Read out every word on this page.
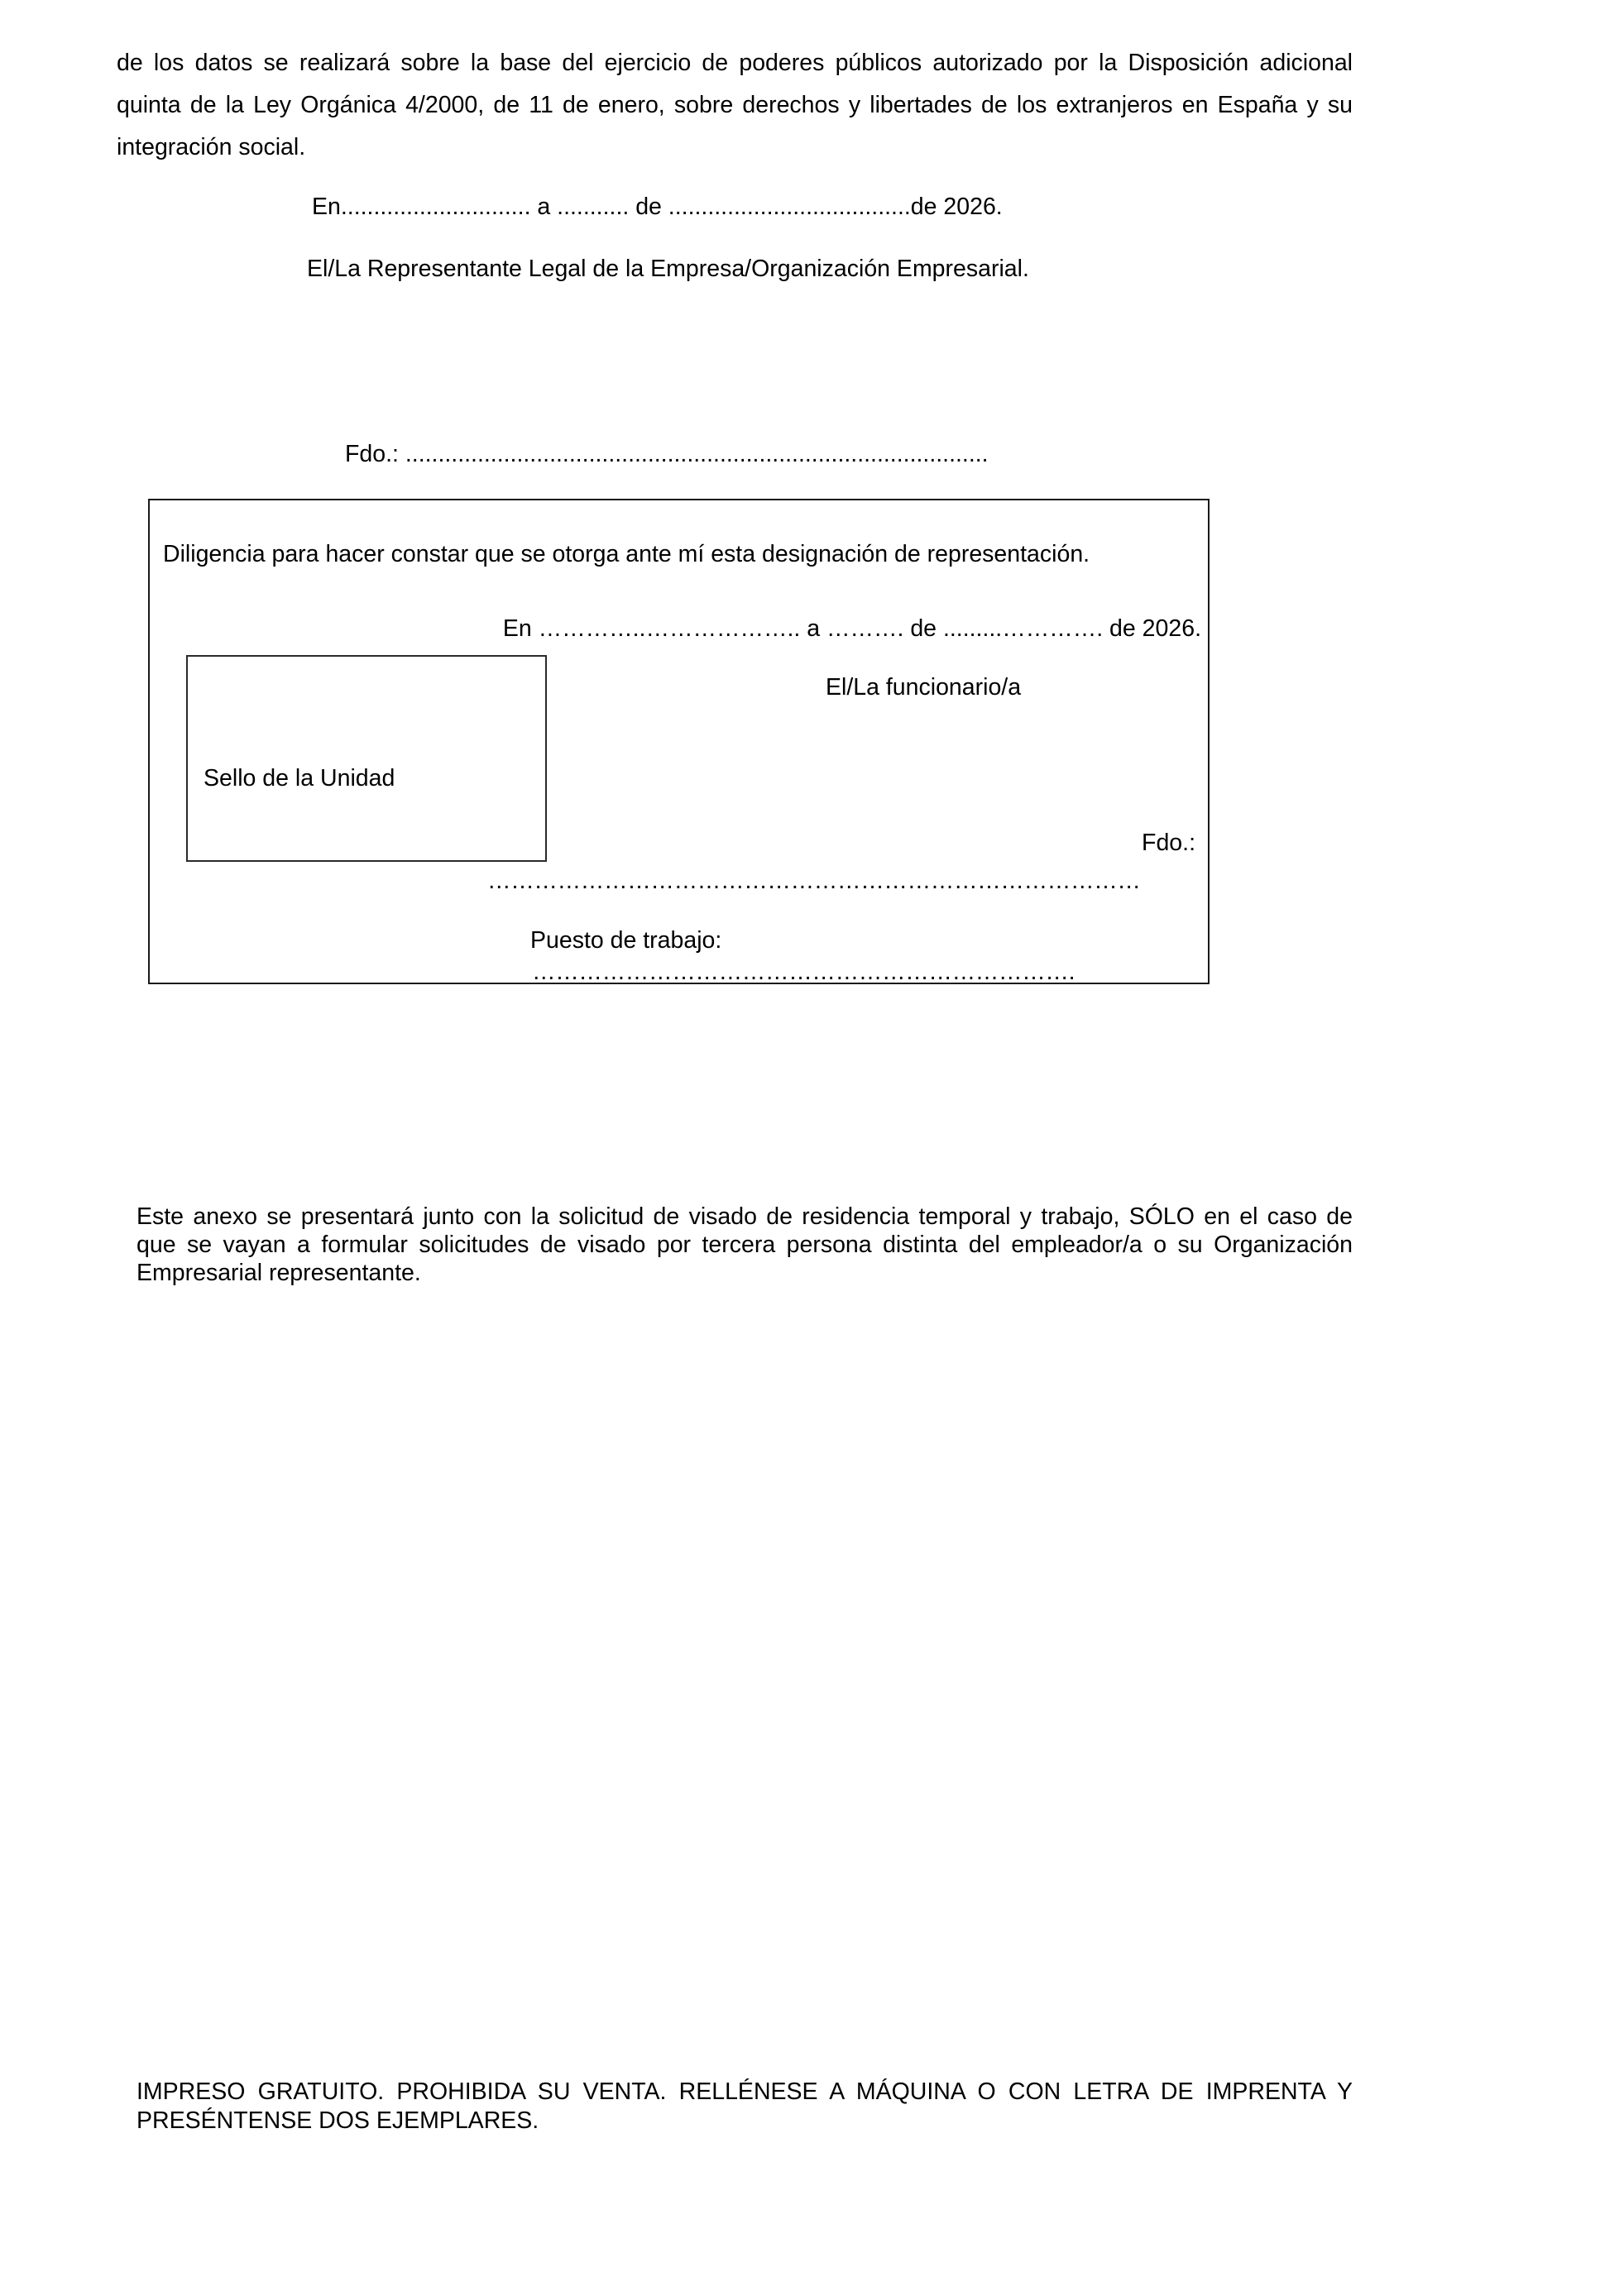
de los datos se realizará sobre la base del ejercicio de poderes públicos autorizado por la Disposición adicional
quinta de la Ley Orgánica 4/2000, de 11 de enero, sobre derechos y libertades de los extranjeros en España y su
integración social.
En............................. a ........... de .....................................de 2026.
El/La Representante Legal de la Empresa/Organización Empresarial.
Fdo.: .........................................................................................
Diligencia para hacer constar que se otorga ante mí esta designación de representación.
En …………..……………….. a ………. de .........…………. de 2026.
Sello de la Unidad
El/La funcionario/a
Fdo.:
…………………………………………………………………………
Puesto de trabajo:
…………………………………………………………….
Este anexo se presentará junto con la solicitud de visado de residencia temporal y trabajo, SÓLO en el caso de
que se vayan a formular solicitudes de visado por tercera persona distinta del empleador/a o su Organización
Empresarial representante.
IMPRESO GRATUITO. PROHIBIDA SU VENTA. RELLÉNESE A MÁQUINA O CON LETRA DE IMPRENTA Y
PRESÉNTENSE DOS EJEMPLARES.
